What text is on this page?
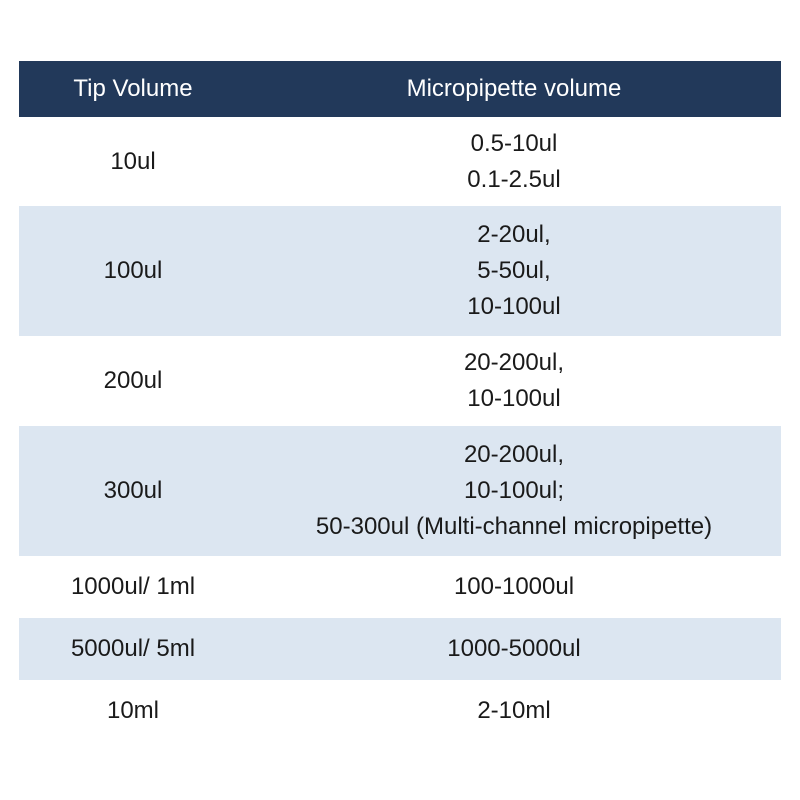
Tip Volume	Micropipette volume
10ul	0.5-10ul
0.1-2.5ul

100ul	2-20ul,
5-50ul,
10-100ul

200ul	20-200ul,
10-100ul

300ul	20-200ul,
10-100ul;
50-300ul (Multi-channel micropipette)

1000ul/ 1ml	100-1000ul

5000ul/ 5ml	1000-5000ul

10ml	2-10ml
